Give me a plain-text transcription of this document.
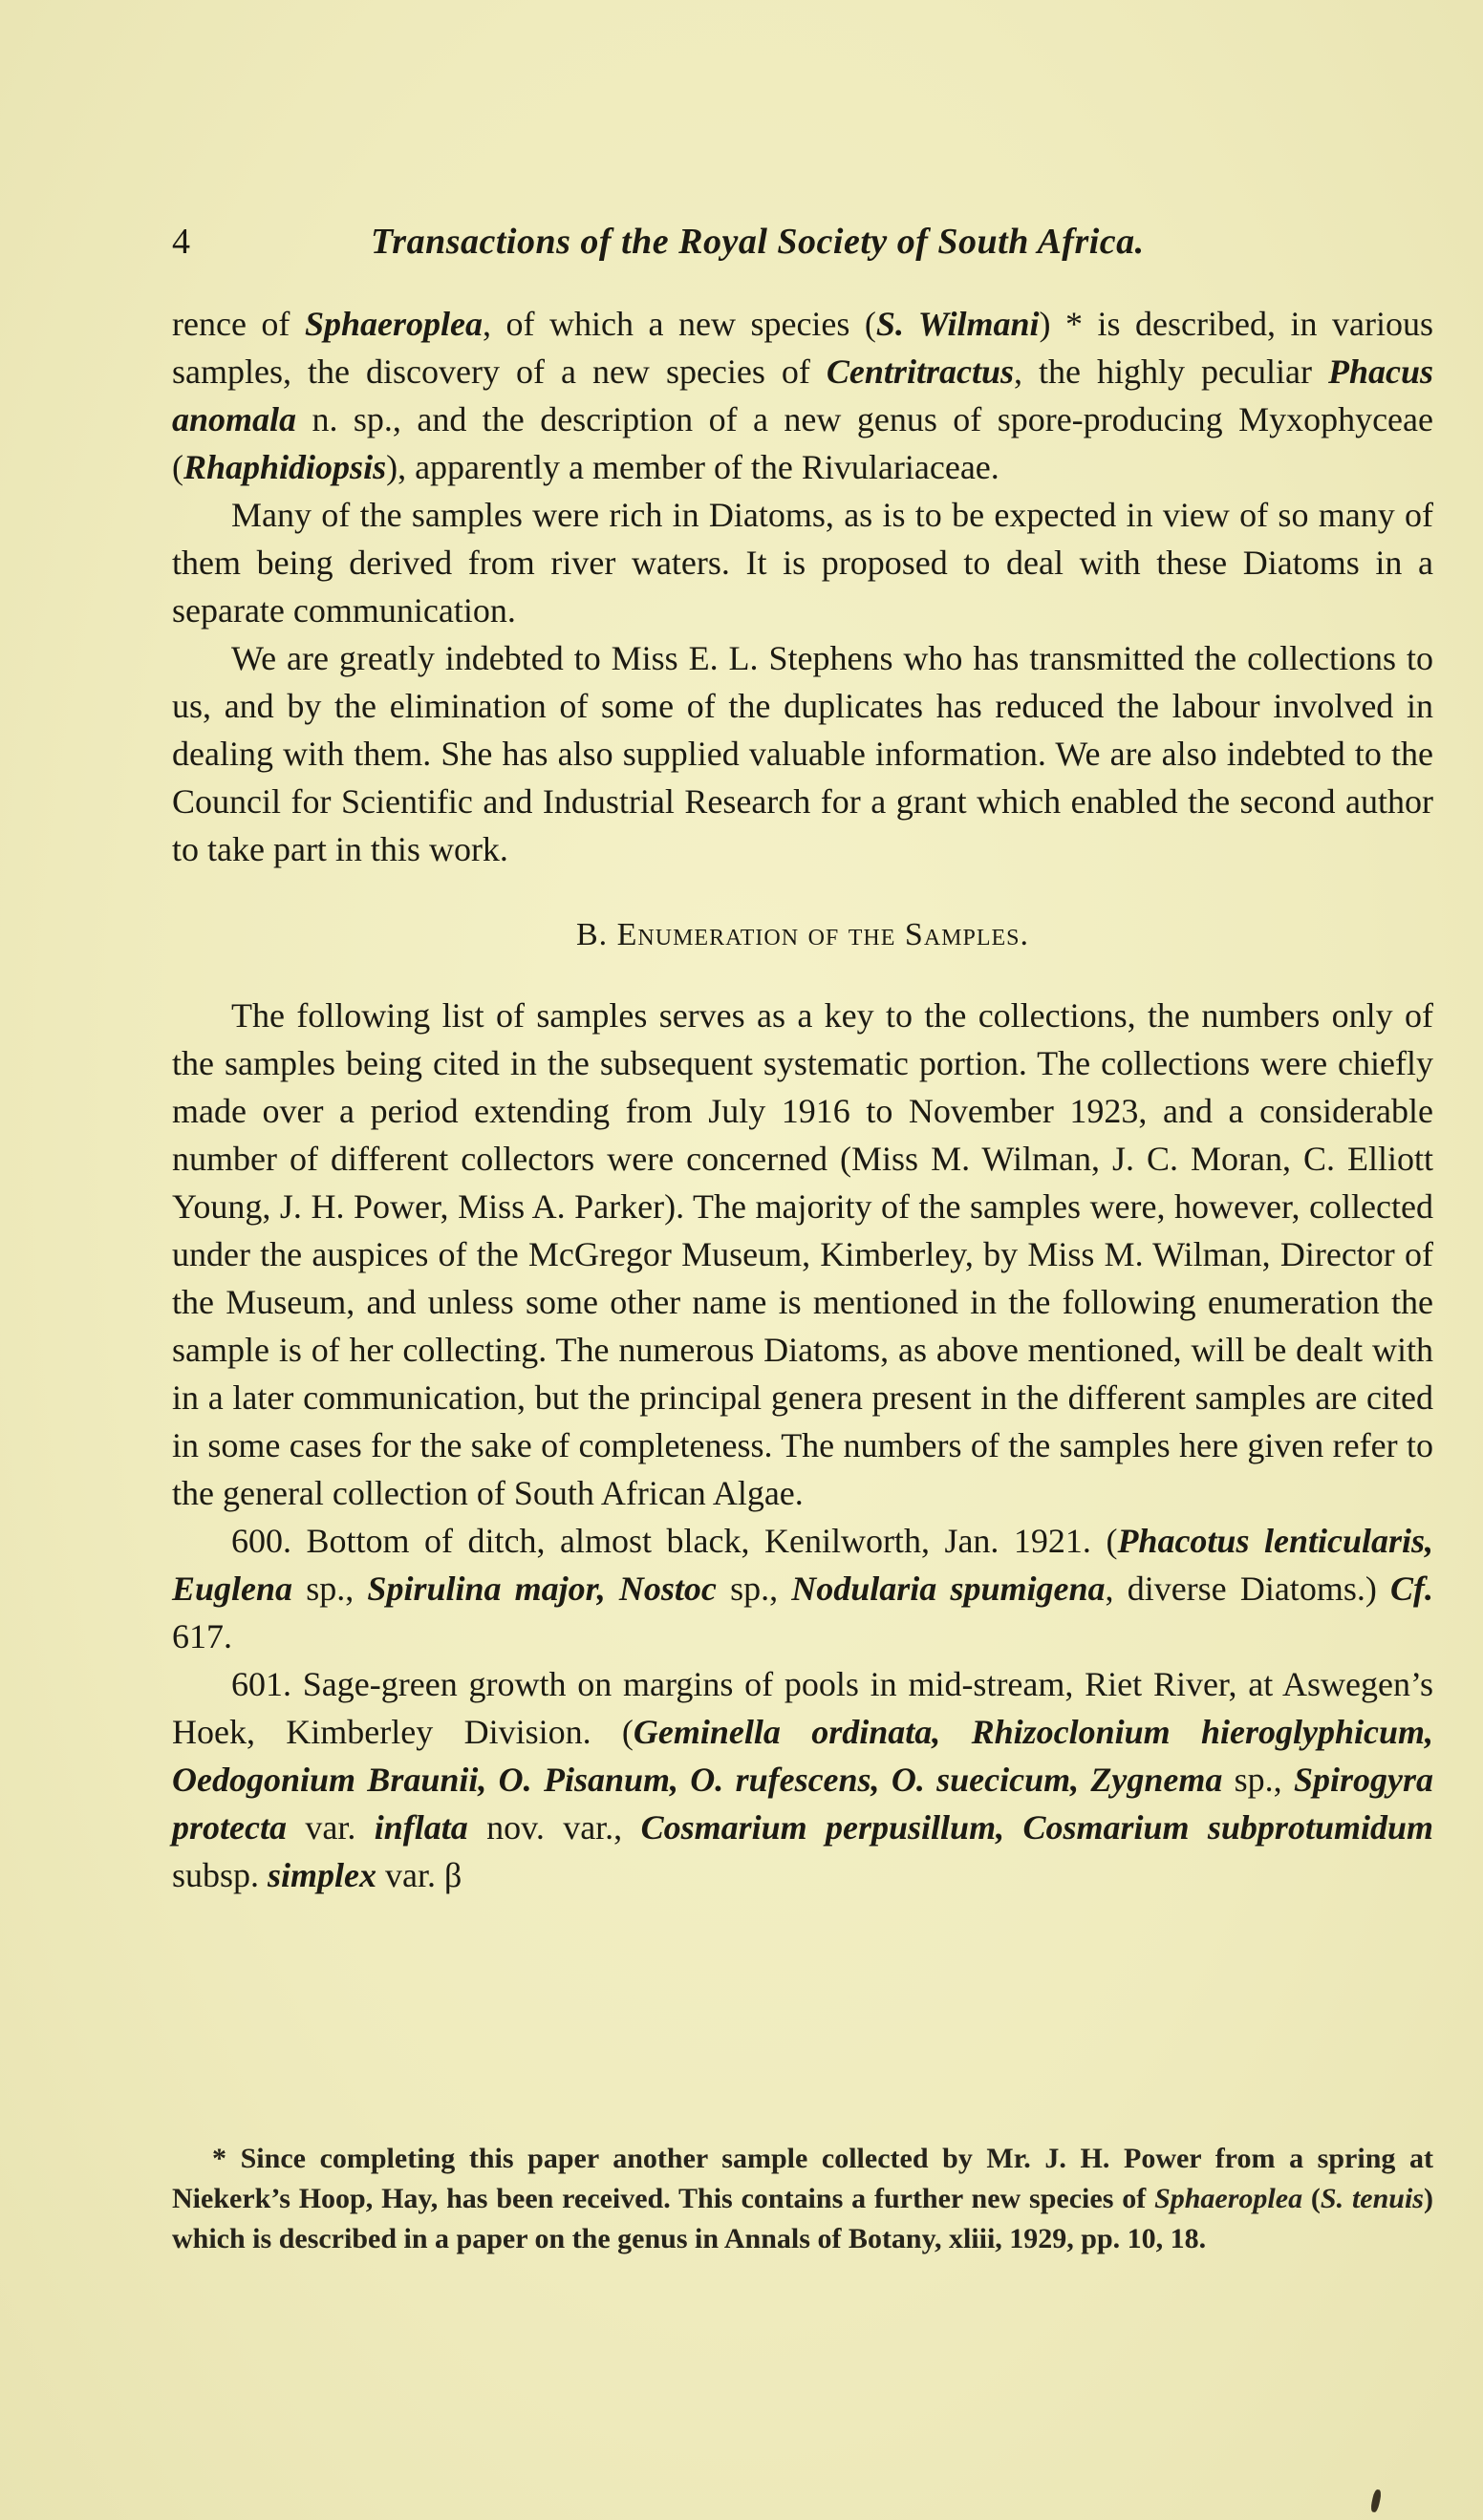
4	Transactions of the Royal Society of South Africa.

rence of Sphaeroplea, of which a new species (S. Wilmani) * is described, in various samples, the discovery of a new species of Centritractus, the highly peculiar Phacus anomala n. sp., and the description of a new genus of spore-producing Myxophyceae (Rhaphidiopsis), apparently a member of the Rivulariaceae.

Many of the samples were rich in Diatoms, as is to be expected in view of so many of them being derived from river waters. It is proposed to deal with these Diatoms in a separate communication.

We are greatly indebted to Miss E. L. Stephens who has transmitted the collections to us, and by the elimination of some of the duplicates has reduced the labour involved in dealing with them. She has also supplied valuable information. We are also indebted to the Council for Scientific and Industrial Research for a grant which enabled the second author to take part in this work.

B. Enumeration of the Samples.

The following list of samples serves as a key to the collections, the numbers only of the samples being cited in the subsequent systematic portion. The collections were chiefly made over a period extending from July 1916 to November 1923, and a considerable number of different collectors were concerned (Miss M. Wilman, J. C. Moran, C. Elliott Young, J. H. Power, Miss A. Parker). The majority of the samples were, however, collected under the auspices of the McGregor Museum, Kimberley, by Miss M. Wilman, Director of the Museum, and unless some other name is mentioned in the following enumeration the sample is of her collecting. The numerous Diatoms, as above mentioned, will be dealt with in a later communication, but the principal genera present in the different samples are cited in some cases for the sake of completeness. The numbers of the samples here given refer to the general collection of South African Algae.

600. Bottom of ditch, almost black, Kenilworth, Jan. 1921. (Phacotus lenticularis, Euglena sp., Spirulina major, Nostoc sp., Nodularia spumigena, diverse Diatoms.) Cf. 617.

601. Sage-green growth on margins of pools in mid-stream, Riet River, at Aswegen’s Hoek, Kimberley Division. (Geminella ordinata, Rhizoclonium hieroglyphicum, Oedogonium Braunii, O. Pisanum, O. rufescens, O. suecicum, Zygnema sp., Spirogyra protecta var. inflata nov. var., Cosmarium perpusillum, Cosmarium subprotumidum subsp. simplex var. β

* Since completing this paper another sample collected by Mr. J. H. Power from a spring at Niekerk’s Hoop, Hay, has been received. This contains a further new species of Sphaeroplea (S. tenuis) which is described in a paper on the genus in Annals of Botany, xliii, 1929, pp. 10, 18.
